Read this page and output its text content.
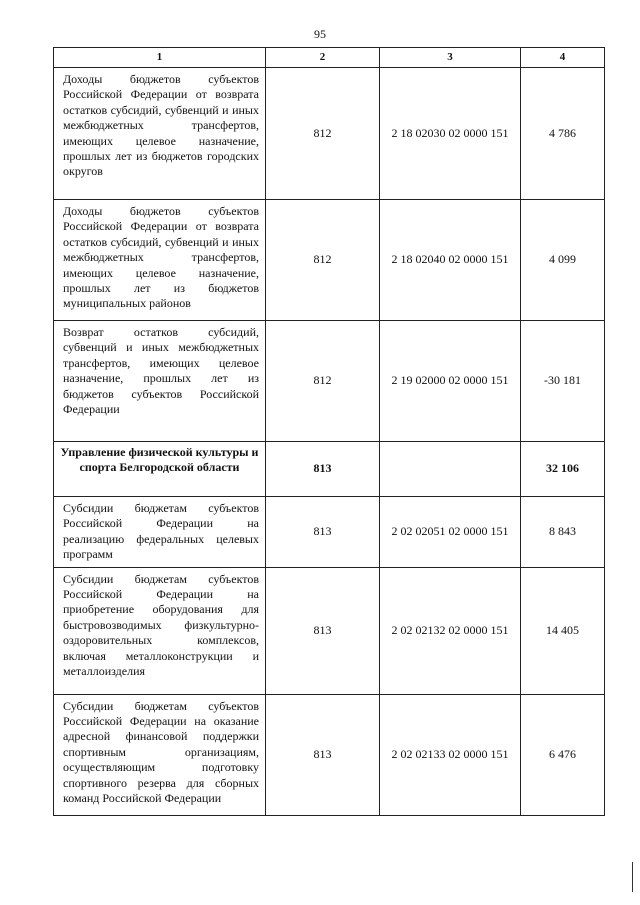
95
1	2	3	4
Доходы бюджетов субъектов Российской Федерации от возврата остатков субсидий, субвенций и иных межбюджетных трансфертов, имеющих целевое назначение, прошлых лет из бюджетов городских округов	812	2 18 02030 02 0000 151	4 786
Доходы бюджетов субъектов Российской Федерации от возврата остатков субсидий, субвенций и иных межбюджетных трансфертов, имеющих целевое назначение, прошлых лет из бюджетов муниципальных районов	812	2 18 02040 02 0000 151	4 099
Возврат остатков субсидий, субвенций и иных межбюджетных трансфертов, имеющих целевое назначение, прошлых лет из бюджетов субъектов Российской Федерации	812	2 19 02000 02 0000 151	-30 181
Управление физической культуры и спорта Белгородской области	813		32 106
Субсидии бюджетам субъектов Российской Федерации на реализацию федеральных целевых программ	813	2 02 02051 02 0000 151	8 843
Субсидии бюджетам субъектов Российской Федерации на приобретение оборудования для быстровозводимых физкультурно-оздоровительных комплексов, включая металлоконструкции и металлоизделия	813	2 02 02132 02 0000 151	14 405
Субсидии бюджетам субъектов Российской Федерации на оказание адресной финансовой поддержки спортивным организациям, осуществляющим подготовку спортивного резерва для сборных команд Российской Федерации	813	2 02 02133 02 0000 151	6 476
